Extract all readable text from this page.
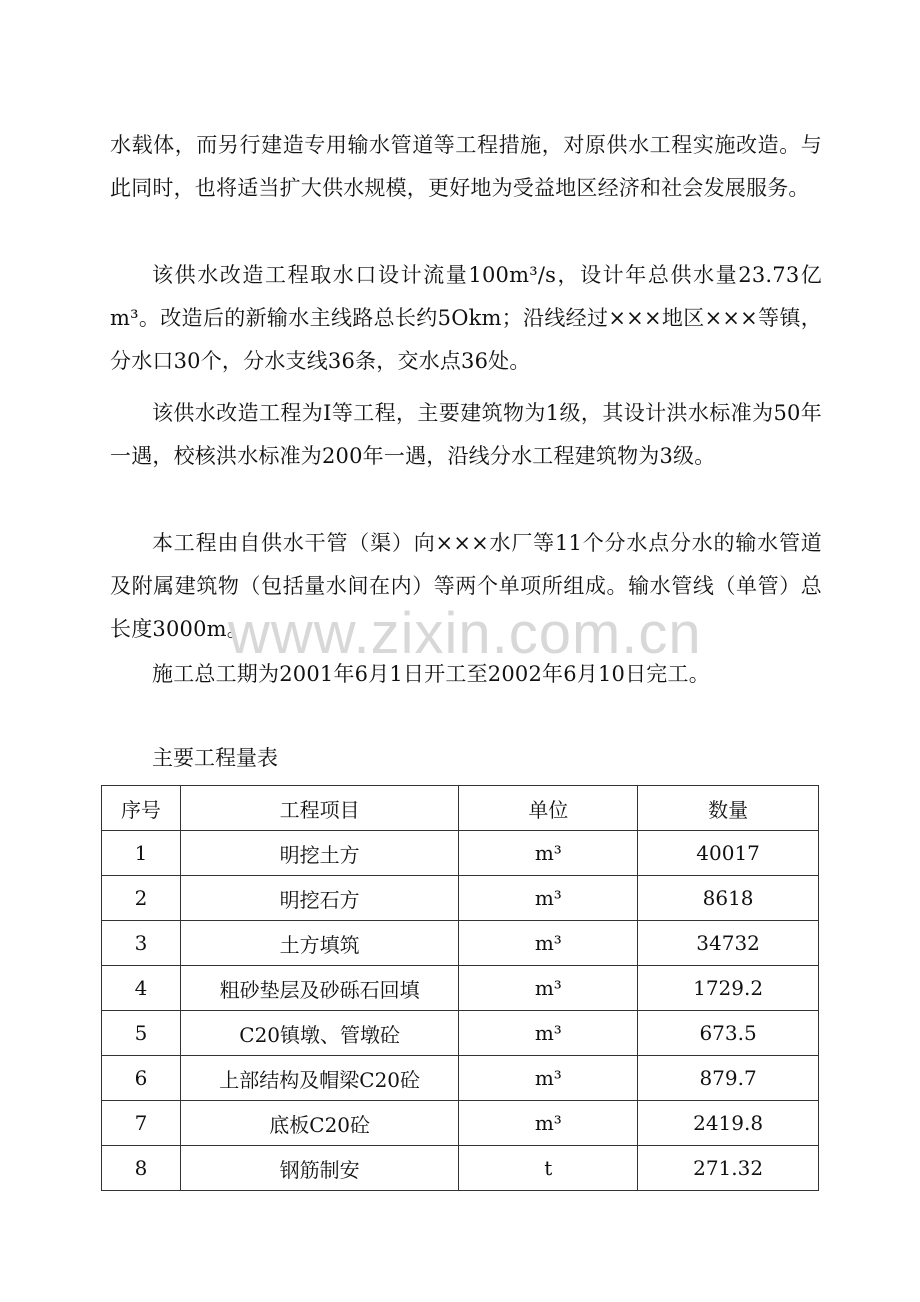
水载体，而另行建造专用输水管道等工程措施，对原供水工程实施改造。与此同时，也将适当扩大供水规模，更好地为受益地区经济和社会发展服务。

该供水改造工程取水口设计流量100m³/s，设计年总供水量23.73亿m³。改造后的新输水主线路总长约5Okm；沿线经过×××地区×××等镇，分水口30个，分水支线36条，交水点36处。

该供水改造工程为I等工程，主要建筑物为1级，其设计洪水标准为50年一遇，校核洪水标准为200年一遇，沿线分水工程建筑物为3级。

本工程由自供水干管（渠）向×××水厂等11个分水点分水的输水管道及附属建筑物（包括量水间在内）等两个单项所组成。输水管线（单管）总长度3000m。

施工总工期为2001年6月1日开工至2002年6月10日完工。

www.zixin.com.cn

主要工程量表

序号	工程项目	单位	数量
1	明挖土方	m³	40017
2	明挖石方	m³	8618
3	土方填筑	m³	34732
4	粗砂垫层及砂砾石回填	m³	1729.2
5	C20镇墩、管墩砼	m³	673.5
6	上部结构及帽梁C20砼	m³	879.7
7	底板C20砼	m³	2419.8
8	钢筋制安	t	271.32
